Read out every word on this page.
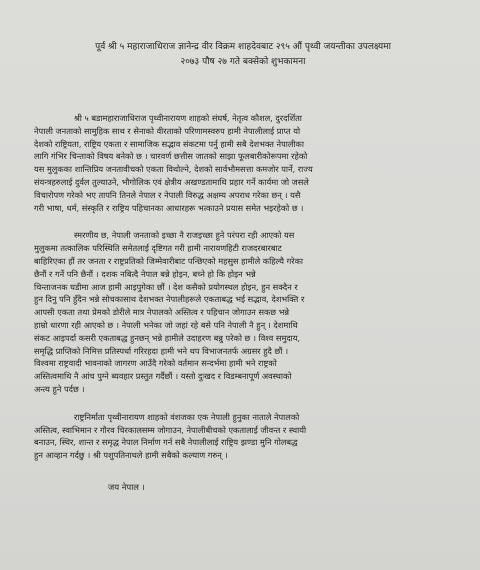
पूर्व श्री ५ महाराजाधिराज ज्ञानेन्द्र वीर विक्रम शाहदेवबाट २९५ औं पृथ्वी जयन्तीका उपलक्ष्यमा
२०७३ पौष २७ गते बक्सेको शुभकामना
श्री ५ बडामहाराजाधिराज पृथ्वीनारायण शाहको संघर्ष, नेतृत्व कौशल, दुरदर्शिता
नेपाली जनताको सामुहिक साथ र सेनाको वीरताको परिणामस्वरुप हामी नेपालीलाई प्राप्त यो
देशको राष्ट्रियता, राष्ट्रिय एकता र सामाजिक सद्भाव संकटमा पर्नु हामी सबै देशभक्त नेपालीका
लागि गंभिर चिन्ताको विषय बनेको छ । चारवर्ण छत्तीस जातको साझा फूलबारीकोरूपमा रहेको
यस मुलुकका शान्तिप्रिय जनतावीचको एकता विथोल्ने, देशको सार्वभौमसत्ता कमजोर पार्ने, राज्य
संयन्त्रहरुलाई दुर्वल तुल्याउने, भौगोलिक एवं क्षेत्रीय अखण्डतामाथि प्रहार गर्ने कार्यमा जो जसले
विचारोपण गरेको भए तापनि तिनले नेपाल र नेपाली विरुद्ध अक्षम्य अपराध गरेका छन् । यसै
गरी भाषा, धर्म, संस्कृति र राष्ट्रिय पहिचानका आधारहरू भत्काउने प्रयास समेत भइरहेको छ ।
स्मरणीय छ, नेपाली जनताको इच्छा नै राजइच्छा हुने परंपरा रही आएको यस
मुलुकमा तत्कालिक परिस्थिति समेतलाई दृष्टिगत गरी हामी नारायणहिटी राजदरबारबाट
बाहिरिएका हौं तर जनता र राष्ट्रप्रतिको जिम्मेवारीबाट पन्छिएको महसुस हामीले कहिल्यै गरेका
छैनौं र गर्ने पनि छैनौं । दशक नबित्दै नेपाल बन्ने होइन, बच्ने हो कि होइन भन्ने
चिन्ताजनक घडीमा आज हामी आइपुगेका छौं । देश कसैको प्रयोगस्थल होइन, हुन सक्दैन र
हुन दिनु पनि हुँदैन भन्ने सोचकासाथ देशभक्त नेपालीहरूले एकताबद्ध भई सद्भाव, देशभक्ति र
आपसी एकता तथा प्रेमको डोरीले मात्र नेपालको अस्तित्व र पहिचान जोगाउन सकछ भन्ने
हाम्रो धारणा रही आएको छ । नेपाली भनेका जो जहां रहे बसे पनि नेपाली नै हुन् । देशमाथि
संकट आइपर्दा कसरी एकताबद्ध हुनछन् भन्ने हामीले उदाहरण बन्नु परेको छ । विश्व समुदाय,
समृद्धि प्राप्तिको निमित्त प्रतिस्पर्धा गरिरहदा हामी भने थप विभाजनतर्फ अग्रसर हुदै छौं ।
विश्वमा राष्ट्रवादी भावनाको जागरण आउँदै गरेको वर्तमान सन्दर्भमा हामी भने राष्ट्रको
अस्तित्वमाथि नै आंच पुग्ने ब्यवहार प्रस्तुत गर्दैछौं । यस्तो दुःखद र विडम्बनापूर्ण अवस्थाको
अन्त्य हुने पर्दछ ।
राष्ट्रनिर्माता पृथ्वीनारायण शाहको वंशजका एक नेपाली हुनुका नाताले नेपालको
अस्तित्व, स्वाभिमान र गौरव चिरकालसम्म जोगाउन, नेपालीबीचको एकतालाई जीवन्त र स्थायी
बनाउन, स्थिर, शान्त र समृद्ध नेपाल निर्माण गर्न सबै नेपालीलाई राष्ट्रिय झण्डा मुनि गोलबद्ध
हुन आव्हान गर्दछु । श्री पशुपतिनाथले हामी सबैको कल्याण गरुन् ।
जय नेपाल ।
